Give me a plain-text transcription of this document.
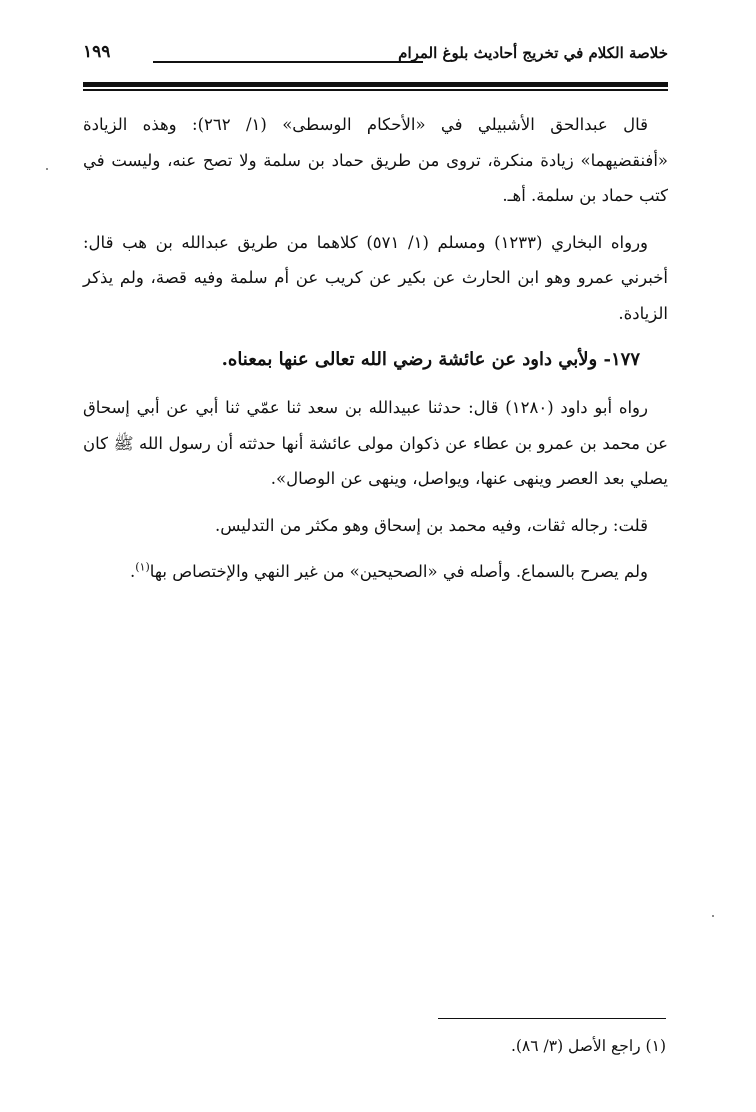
خلاصة الكلام في تخريج أحاديث بلوغ المرام
١٩٩

قال عبدالحق الأشبيلي في «الأحكام الوسطى» (١/ ٢٦٢): وهذه الزيادة «أفنقضيهما» زيادة منكرة، تروى من طريق حماد بن سلمة ولا تصح عنه، وليست في كتب حماد بن سلمة. أهـ.

ورواه البخاري (١٢٣٣) ومسلم (١/ ٥٧١) كلاهما من طريق عبدالله بن هب قال: أخبرني عمرو وهو ابن الحارث عن بكير عن كريب عن أم سلمة وفيه قصة، ولم يذكر الزيادة.

١٧٧- ولأبي داود عن عائشة رضي الله تعالى عنها بمعناه.

رواه أبو داود (١٢٨٠) قال: حدثنا عبيدالله بن سعد ثنا عمّي ثنا أبي عن أبي إسحاق عن محمد بن عمرو بن عطاء عن ذكوان مولى عائشة أنها حدثته أن رسول الله ﷺ كان يصلي بعد العصر وينهى عنها، ويواصل، وينهى عن الوصال».

قلت: رجاله ثقات، وفيه محمد بن إسحاق وهو مكثر من التدليس.

ولم يصرح بالسماع. وأصله في «الصحيحين» من غير النهي والإختصاص بها$^{(١)}$.

(١) راجع الأصل (٣/ ٨٦).
